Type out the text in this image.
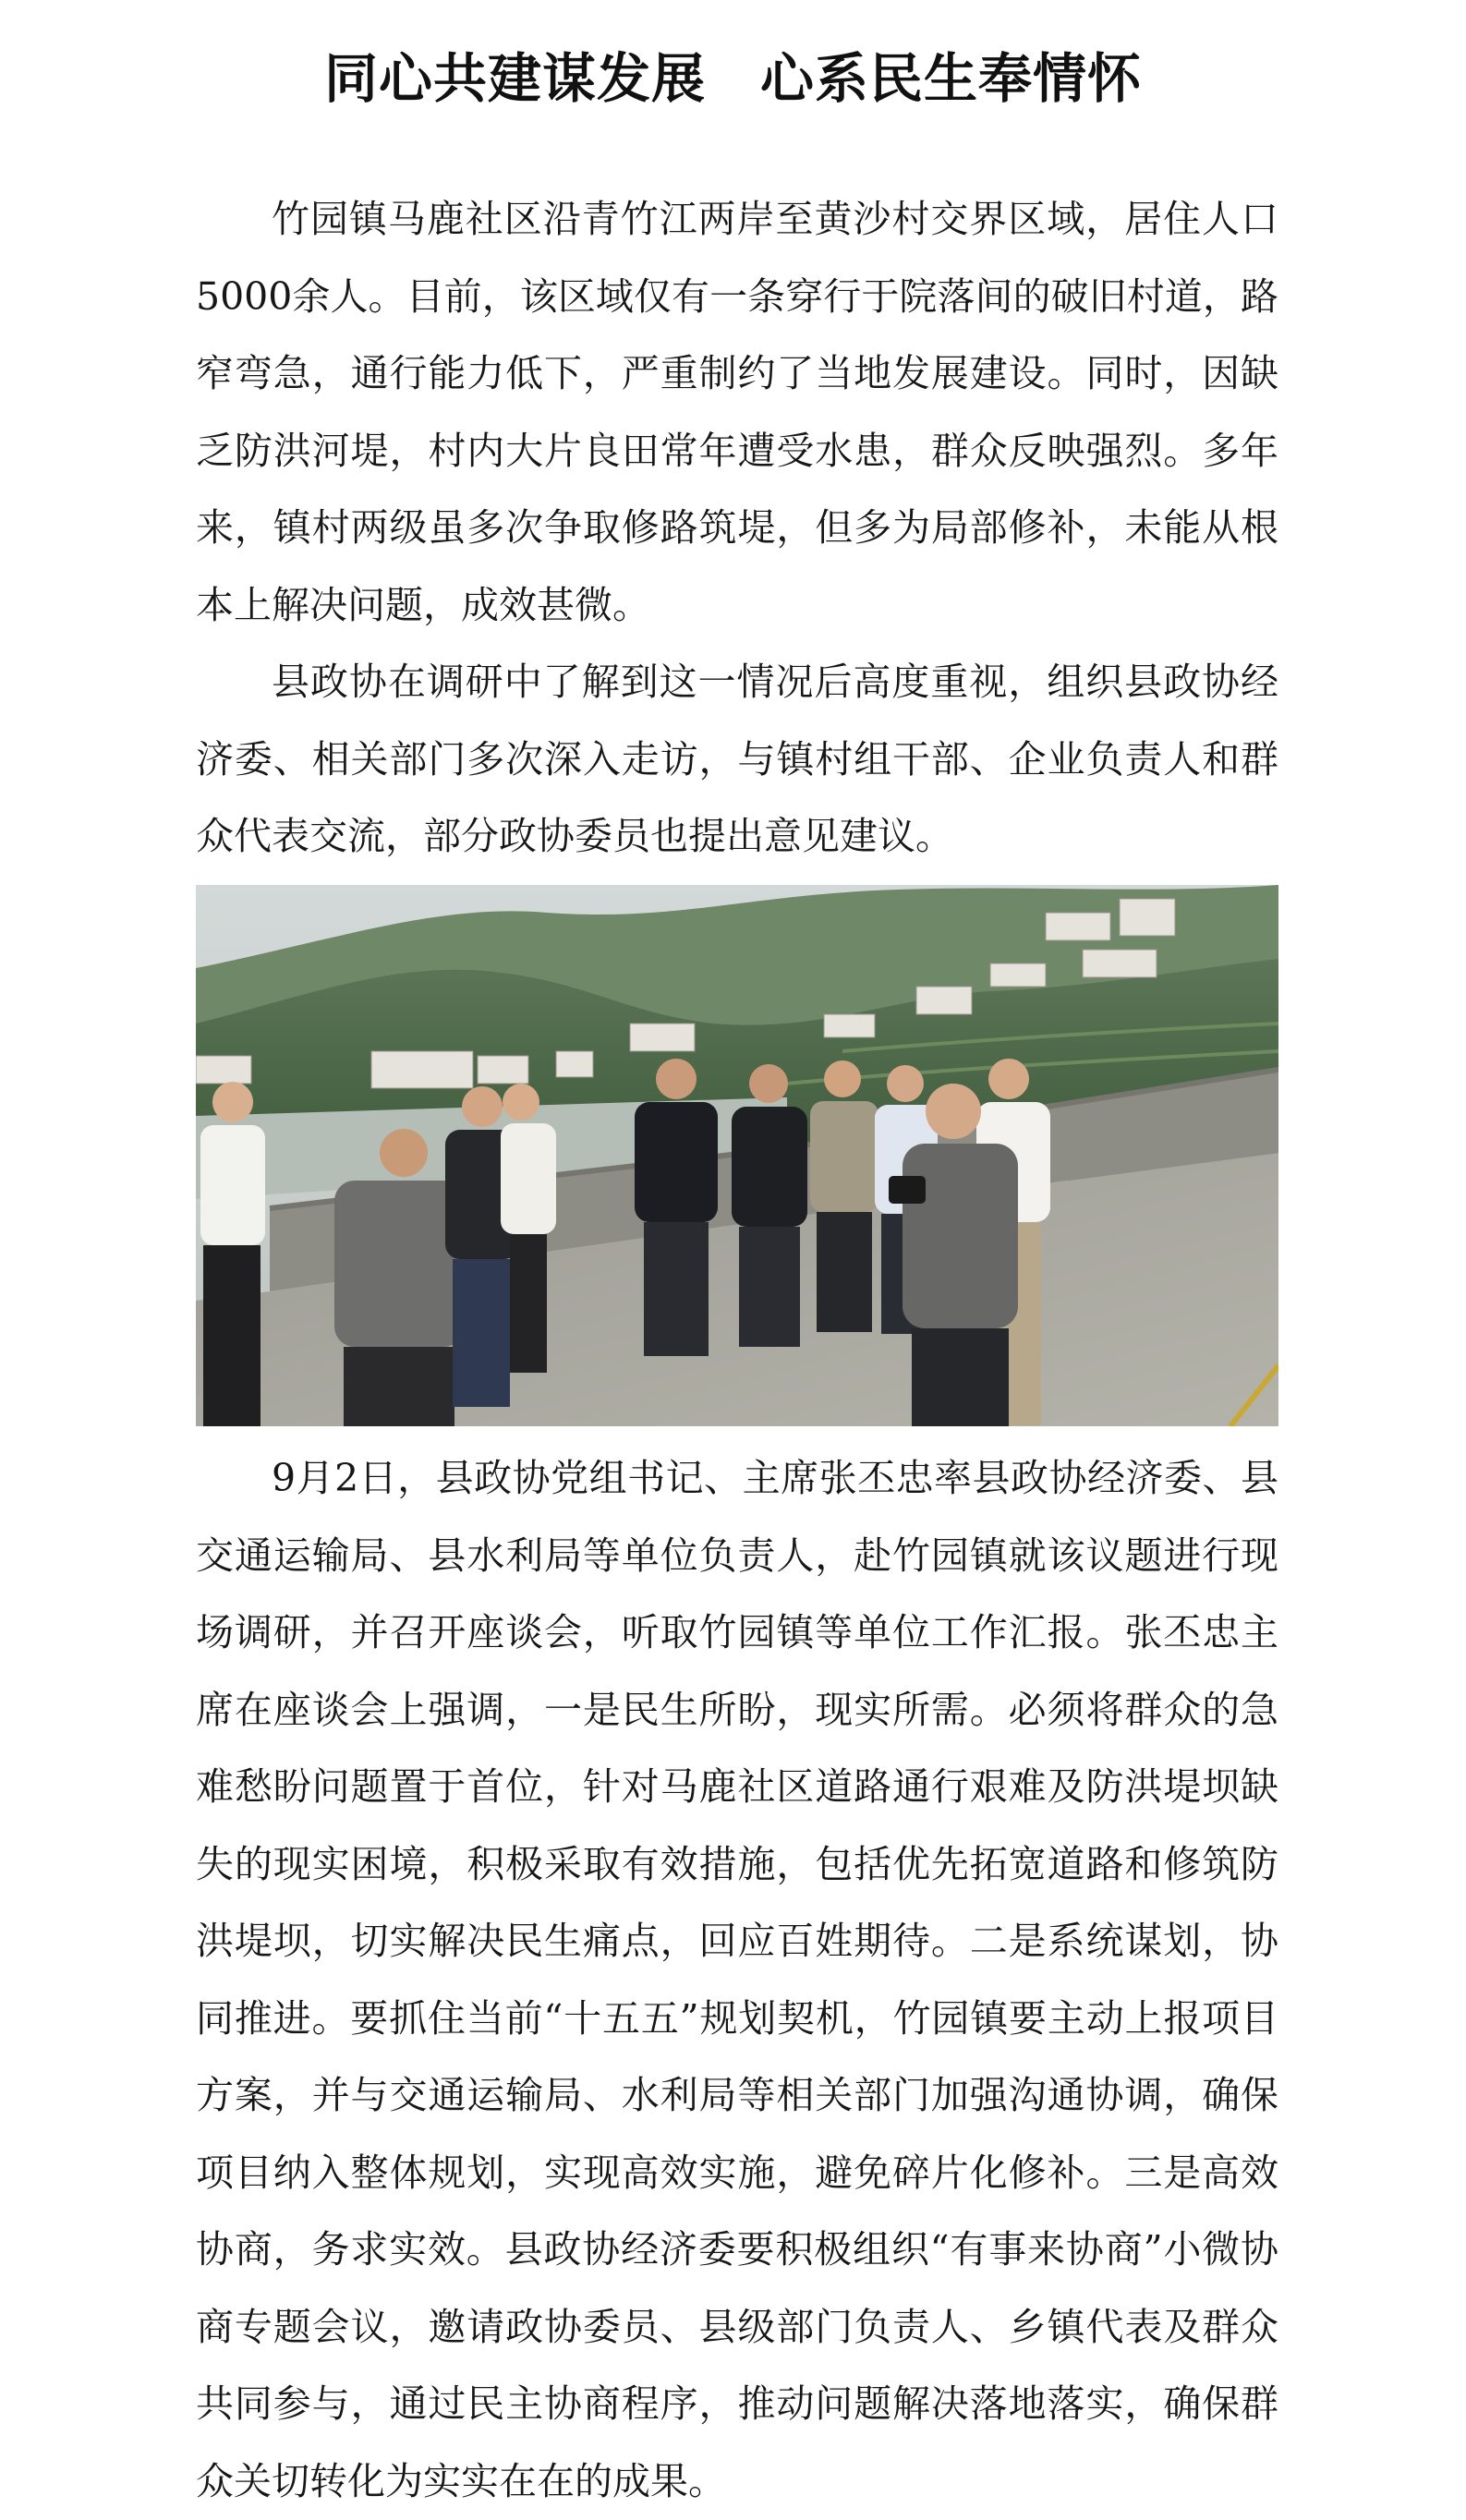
同心共建谋发展　心系民生奉情怀

竹园镇马鹿社区沿青竹江两岸至黄沙村交界区域，居住人口5000余人。目前，该区域仅有一条穿行于院落间的破旧村道，路窄弯急，通行能力低下，严重制约了当地发展建设。同时，因缺乏防洪河堤，村内大片良田常年遭受水患，群众反映强烈。多年来，镇村两级虽多次争取修路筑堤，但多为局部修补，未能从根本上解决问题，成效甚微。

县政协在调研中了解到这一情况后高度重视，组织县政协经济委、相关部门多次深入走访，与镇村组干部、企业负责人和群众代表交流，部分政协委员也提出意见建议。

9月2日，县政协党组书记、主席张丕忠率县政协经济委、县交通运输局、县水利局等单位负责人，赴竹园镇就该议题进行现场调研，并召开座谈会，听取竹园镇等单位工作汇报。张丕忠主席在座谈会上强调，一是民生所盼，现实所需。必须将群众的急难愁盼问题置于首位，针对马鹿社区道路通行艰难及防洪堤坝缺失的现实困境，积极采取有效措施，包括优先拓宽道路和修筑防洪堤坝，切实解决民生痛点，回应百姓期待。二是系统谋划，协同推进。要抓住当前“十五五”规划契机，竹园镇要主动上报项目方案，并与交通运输局、水利局等相关部门加强沟通协调，确保项目纳入整体规划，实现高效实施，避免碎片化修补。三是高效协商，务求实效。县政协经济委要积极组织“有事来协商”小微协商专题会议，邀请政协委员、县级部门负责人、乡镇代表及群众共同参与，通过民主协商程序，推动问题解决落地落实，确保群众关切转化为实实在在的成果。
